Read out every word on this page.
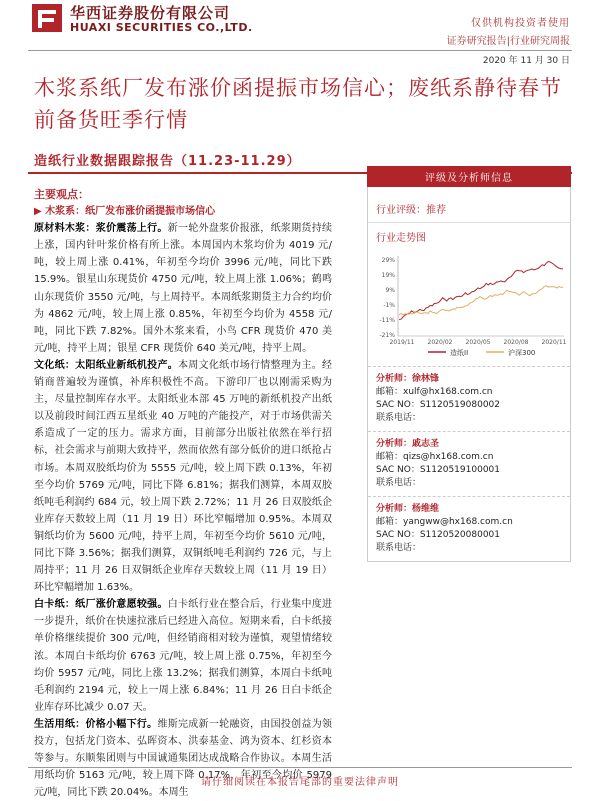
华西证券股份有限公司
HUAXI SECURITIES CO.,LTD.	仅供机构投资者使用
证券研究报告|行业研究周报
2020 年 11 月 30 日
木浆系纸厂发布涨价函提振市场信心；废纸系静待春节前备货旺季行情
造纸行业数据跟踪报告（11.23-11.29）
主要观点：
▶ 木浆系：纸厂发布涨价函提振市场信心

原材料木浆：浆价震荡上行。新一轮外盘浆价报涨，纸浆期货持续上涨，国内针叶浆价格有所上涨。本周国内木浆均价为 4019 元/吨，较上周上涨 0.41%，年初至今均价 3996 元/吨，同比下跌 15.9%。银星山东现货价 4750 元/吨，较上周上涨 1.06%；鹤鸣山东现货价 3550 元/吨，与上周持平。本周纸浆期货主力合约均价为 4862 元/吨，较上周上涨 0.85%，年初至今均价为 4558 元/吨，同比下跌 7.82%。国外木浆来看，小鸟 CFR 现货价 470 美元/吨，持平上周；银星 CFR 现货价 640 美元/吨，持平上周。

文化纸：太阳纸业新纸机投产。本周文化纸市场行情整理为主。经销商普遍较为谨慎，补库积极性不高。下游印厂也以刚需采购为主，尽量控制库存水平。太阳纸业本部 45 万吨的新纸机投产出纸以及前段时间江西五星纸业 40 万吨的产能投产，对于市场供需关系造成了一定的压力。需求方面，目前部分出版社依然在举行招标，社会需求与前期大致持平，然而依然有部分低价的进口纸抢占市场。本周双胶纸均价为 5555 元/吨，较上周下跌 0.13%，年初至今均价 5769 元/吨，同比下降 6.81%；据我们测算，本周双胶纸吨毛利润约 684 元，较上周下跌 2.72%；11 月 26 日双胶纸企业库存天数较上周（11 月 19 日）环比窄幅增加 0.95%。本周双铜纸均价为 5600 元/吨，持平上周，年初至今均价 5610 元/吨，同比下降 3.56%；据我们测算，双铜纸吨毛利润约 726 元，与上周持平；11 月 26 日双铜纸企业库存天数较上周（11 月 19 日）环比窄幅增加 1.63%。

白卡纸：纸厂涨价意愿较强。白卡纸行业在整合后，行业集中度进一步提升，纸价在快速拉涨后已经进入高位。短期来看，白卡纸接单价格继续提价 300 元/吨，但经销商相对较为谨慎，观望情绪较浓。本周白卡纸均价 6763 元/吨，较上周上涨 0.75%，年初至今均价 5957 元/吨，同比上涨 13.2%；据我们测算，本周白卡纸吨毛利润约 2194 元，较上一周上涨 6.84%；11 月 26 日白卡纸企业库存环比减少 0.07 天。

生活用纸：价格小幅下行。维斯完成新一轮融资，由国投创益为领投方，包括龙门资本、弘晖资本、洪泰基金、鸿为资本、红杉资本等参与。东顺集团则与中国诚通集团达成战略合作协议。本周生活用纸均价 5163 元/吨，较上周下降 0.17%，年初至今均价 5979 元/吨，同比下跌 20.04%。本周生

评级及分析师信息
行业评级：推荐
行业走势图
29%
19%
9%
-1%
-11%
-21%
2019/11 2020/02 2020/05 2020/08 2020/11
造纸II	沪深300
分析师：徐林锋
邮箱：xulf@hx168.com.cn
SAC NO：S1120519080002
联系电话：
分析师：戚志圣
邮箱：qizs@hx168.com.cn
SAC NO：S1120519100001
联系电话：
分析师：杨维维
邮箱：yangww@hx168.com.cn
SAC NO：S1120520080001
联系电话：
请仔细阅读在本报告尾部的重要法律声明
